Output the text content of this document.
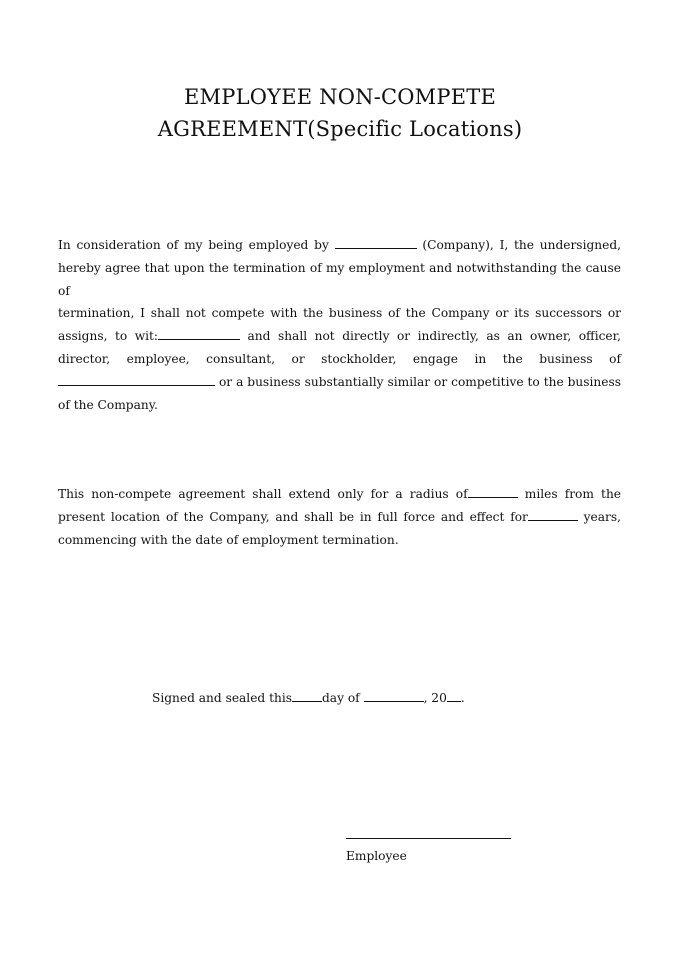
EMPLOYEE NON-COMPETE
AGREEMENT(Specific Locations)
In consideration of my being employed by	(Company), I, the undersigned,
hereby agree that upon the termination of my employment and notwithstanding the cause of
termination, I shall not compete with the business of the Company or its successors or
assigns, to wit:	and shall not directly or indirectly, as an owner, officer,
director, employee, consultant, or stockholder, engage in the business of
or a business substantially similar or competitive to the business
of the Company.
This non-compete agreement shall extend only for a radius of	miles from the
present location of the Company, and shall be in full force and effect for	years,
commencing with the date of employment termination.
Signed and sealed this day of	, 20 .
Employee
